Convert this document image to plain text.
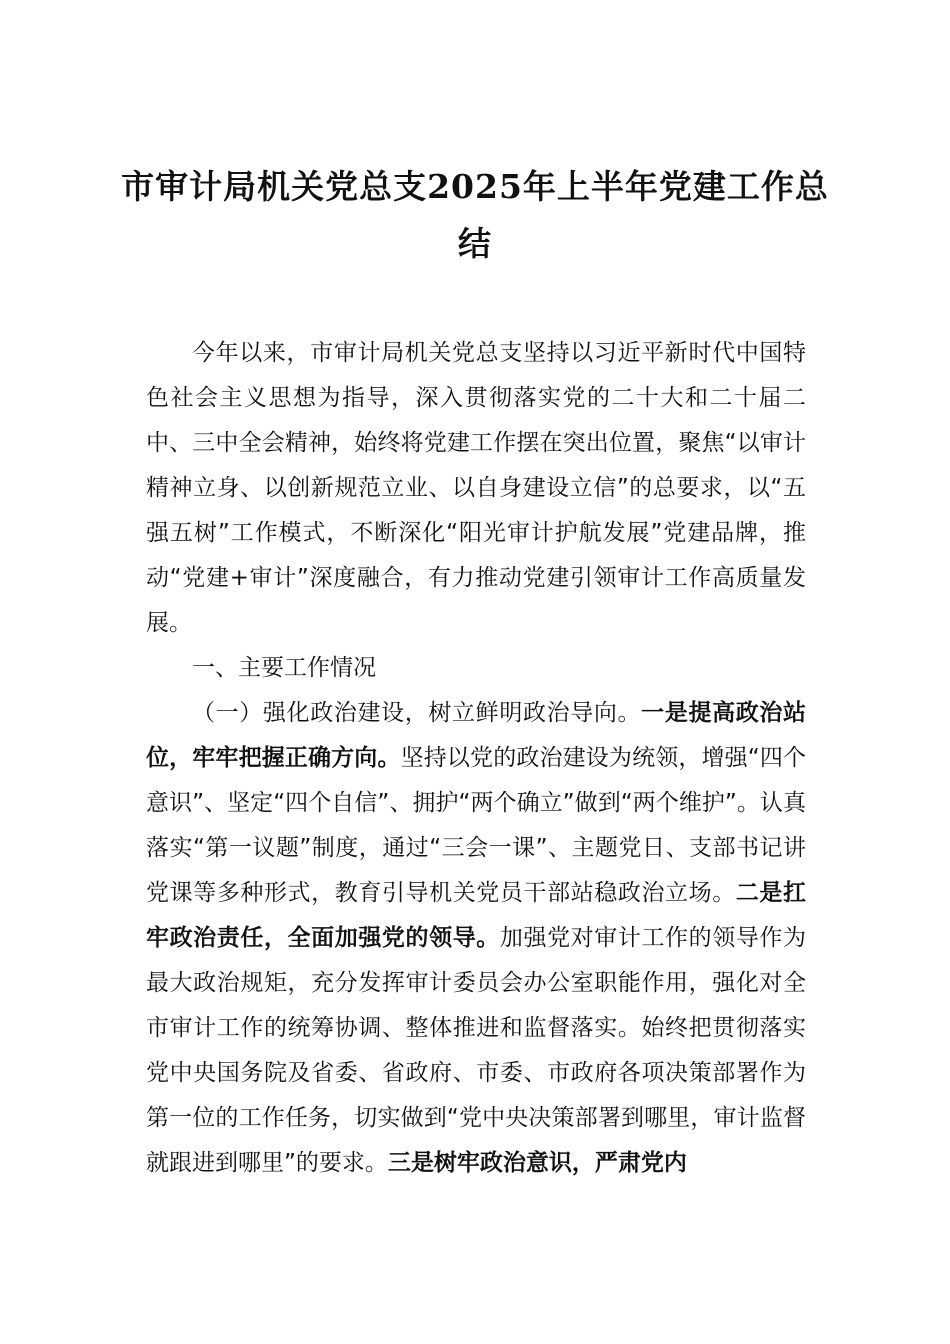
市审计局机关党总支2025年上半年党建工作总结

今年以来，市审计局机关党总支坚持以习近平新时代中国特色社会主义思想为指导，深入贯彻落实党的二十大和二十届二中、三中全会精神，始终将党建工作摆在突出位置，聚焦“以审计精神立身、以创新规范立业、以自身建设立信”的总要求，以“五强五树”工作模式，不断深化“阳光审计护航发展”党建品牌，推动“党建+审计”深度融合，有力推动党建引领审计工作高质量发展。

一、主要工作情况

（一）强化政治建设，树立鲜明政治导向。一是提高政治站位，牢牢把握正确方向。坚持以党的政治建设为统领，增强“四个意识”、坚定“四个自信”、拥护“两个确立”做到“两个维护”。认真落实“第一议题”制度，通过“三会一课”、主题党日、支部书记讲党课等多种形式，教育引导机关党员干部站稳政治立场。二是扛牢政治责任，全面加强党的领导。加强党对审计工作的领导作为最大政治规矩，充分发挥审计委员会办公室职能作用，强化对全市审计工作的统筹协调、整体推进和监督落实。始终把贯彻落实党中央国务院及省委、省政府、市委、市政府各项决策部署作为第一位的工作任务，切实做到“党中央决策部署到哪里，审计监督就跟进到哪里”的要求。三是树牢政治意识，严肃党内
